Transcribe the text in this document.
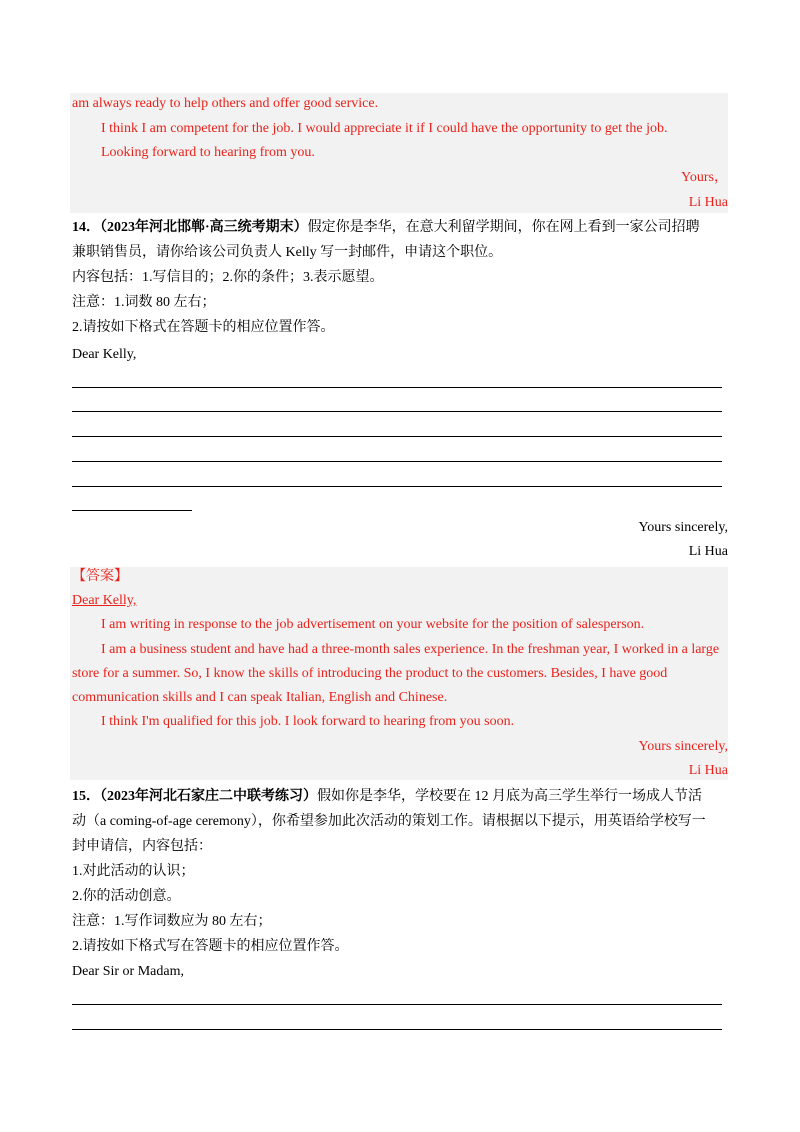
am always ready to help others and offer good service.
I think I am competent for the job. I would appreciate it if I could have the opportunity to get the job.
Looking forward to hearing from you.
Yours，
Li Hua
14．（2023年河北邯郸·高三统考期末）假定你是李华，在意大利留学期间，你在网上看到一家公司招聘
兼职销售员，请你给该公司负责人 Kelly 写一封邮件，申请这个职位。
内容包括：1.写信目的；2.你的条件；3.表示愿望。
注意：1.词数 80 左右；
2.请按如下格式在答题卡的相应位置作答。
Dear Kelly,
Yours sincerely,
Li Hua
【答案】
Dear Kelly,
I am writing in response to the job advertisement on your website for the position of salesperson.
I am a business student and have had a three-month sales experience. In the freshman year, I worked in a large
store for a summer. So, I know the skills of introducing the product to the customers. Besides, I have good
communication skills and I can speak Italian, English and Chinese.
I think I'm qualified for this job. I look forward to hearing from you soon.
Yours sincerely,
Li Hua
15．（2023年河北石家庄二中联考练习）假如你是李华，学校要在 12 月底为高三学生举行一场成人节活
动（a coming-of-age ceremony），你希望参加此次活动的策划工作。请根据以下提示，用英语给学校写一
封申请信，内容包括：
1.对此活动的认识；
2.你的活动创意。
注意：1.写作词数应为 80 左右；
2.请按如下格式写在答题卡的相应位置作答。
Dear Sir or Madam,
